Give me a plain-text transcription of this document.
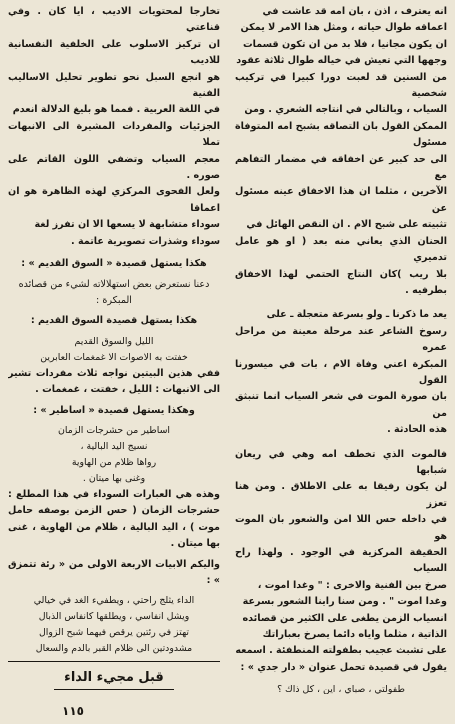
انه يعترف ، اذن ، بان امه قد عاشت في

اعماقه طوال حياته ، ومثل هذا الامر لا يمكن

ان يكون مجانيا ، فلا بد من ان تكون قسمات

وجهها التي تعيش في خياله طوال ثلاثة عقود

من السنين قد لعبت دورا كبيرا في تركيب شخصية

السياب ، وبالتالي في انتاجه الشعري . ومن

الممكن القول بان التصاقه بشبح امه المتوفاة مسئول

الى حد كبير عن اخفاقه في مضمار التفاهم مع

الآخرين ، مثلما ان هذا الاخفاق عينه مسئول عن

تثبيته على شبح الام . ان النقص الهائل في

الحنان الذي يعاني منه بعد ( او هو عامل تدميري

بلا ريب )كان النتاج الحتمي لهذا الاخفاق بطرفيه .

يعد ما ذكرنا ـ ولو بسرعة متعجلة ـ على

رسوخ الشاعر عند مرحلة معينة من مراحل عمره

المبكرة اعني وفاة الام ، بات في ميسورنا القول

بان صورة الموت في شعر السياب انما تنبثق من

هذه الحادثة .

فالموت الذي تخطف امه وهي في ريعان شبابها

لن يكون رفيقا به على الاطلاق . ومن هنا تعزز

في داخله حس اللا امن والشعور بان الموت هو

الحقيقة المركزية في الوجود . ولهذا راح السياب

صرخ بين الفنية والاخرى : " وغدا اموت ،

وغدا اموت " . ومن سنا راينا الشعور بسرعة

انسياب الزمن يطغى على الكثير من قصائده

الذاتية ، مثلما واياه دائما يصرخ بعباراتك

على تشبث عجيب بطفولته المنطفئة . اسمعه

يقول في قصيدة تحمل عنوان « دار جدي » :

طفولتي ، صباي ، اين ، كل ذاك ؟

تخارجا لمحتويات الاديب ، ايا كان . وفي قناعتي

ان تركيز الاسلوب على الخلفية النفسانية للاديب

هو انجع السبل نحو تطوير تحليل الاساليب الفنية

في اللغة العربية . فمما هو بليغ الدلالة انعدم

الجزئيات والمفردات المشيرة الى الانبهات تملا

معجم السياب وتضفي اللون القاتم على صوره .

ولعل الفحوى المركزي لهذه الظاهرة هو ان اعماقا

سوداء متشابهة لا يسعها الا ان تفرز لغة

سوداء وشذرات تصويرية عاتمة .

هكذا يستهل قصيدة « السوق القديم » :

دعنا نستعرض بعض استهلالاته لشيء من قصائده المبكرة :

هكذا يستهل قصيدة السوق القديم :

الليل والسوق القديم

خفتت به الاصوات الا غمغمات العابرين

ففي هذين البيتين نواجه ثلاث مفردات تشير الى الانبهات : الليل ، خفتت ، غمغمات .

وهكذا يستهل قصيدة « اساطير » :

اساطير من حشرجات الزمان

نسيج اليد البالية ،

رواها ظلام من الهاوية

وغنى بها ميتان .

وهذه هي العبارات السوداء في هذا المطلع : حشرجات الزمان ( حس الزمن بوصفه حامل موت ) ، اليد البالية ، ظلام من الهاوية ، غنى بها ميتان .

واليكم الابيات الاربعة الاولى من « رئة تتمزق » :

الداء يثلج راحتي ، ويطفيء الغد في خيالي

ويشل انفاسي ، ويطلقها كانفاس الذبال

تهتز في رئتين يرقص فيهما شبح الزوال

مشدودتين الى ظلام القبر بالدم والسعال

قبل مجيء الداء

١١٥
